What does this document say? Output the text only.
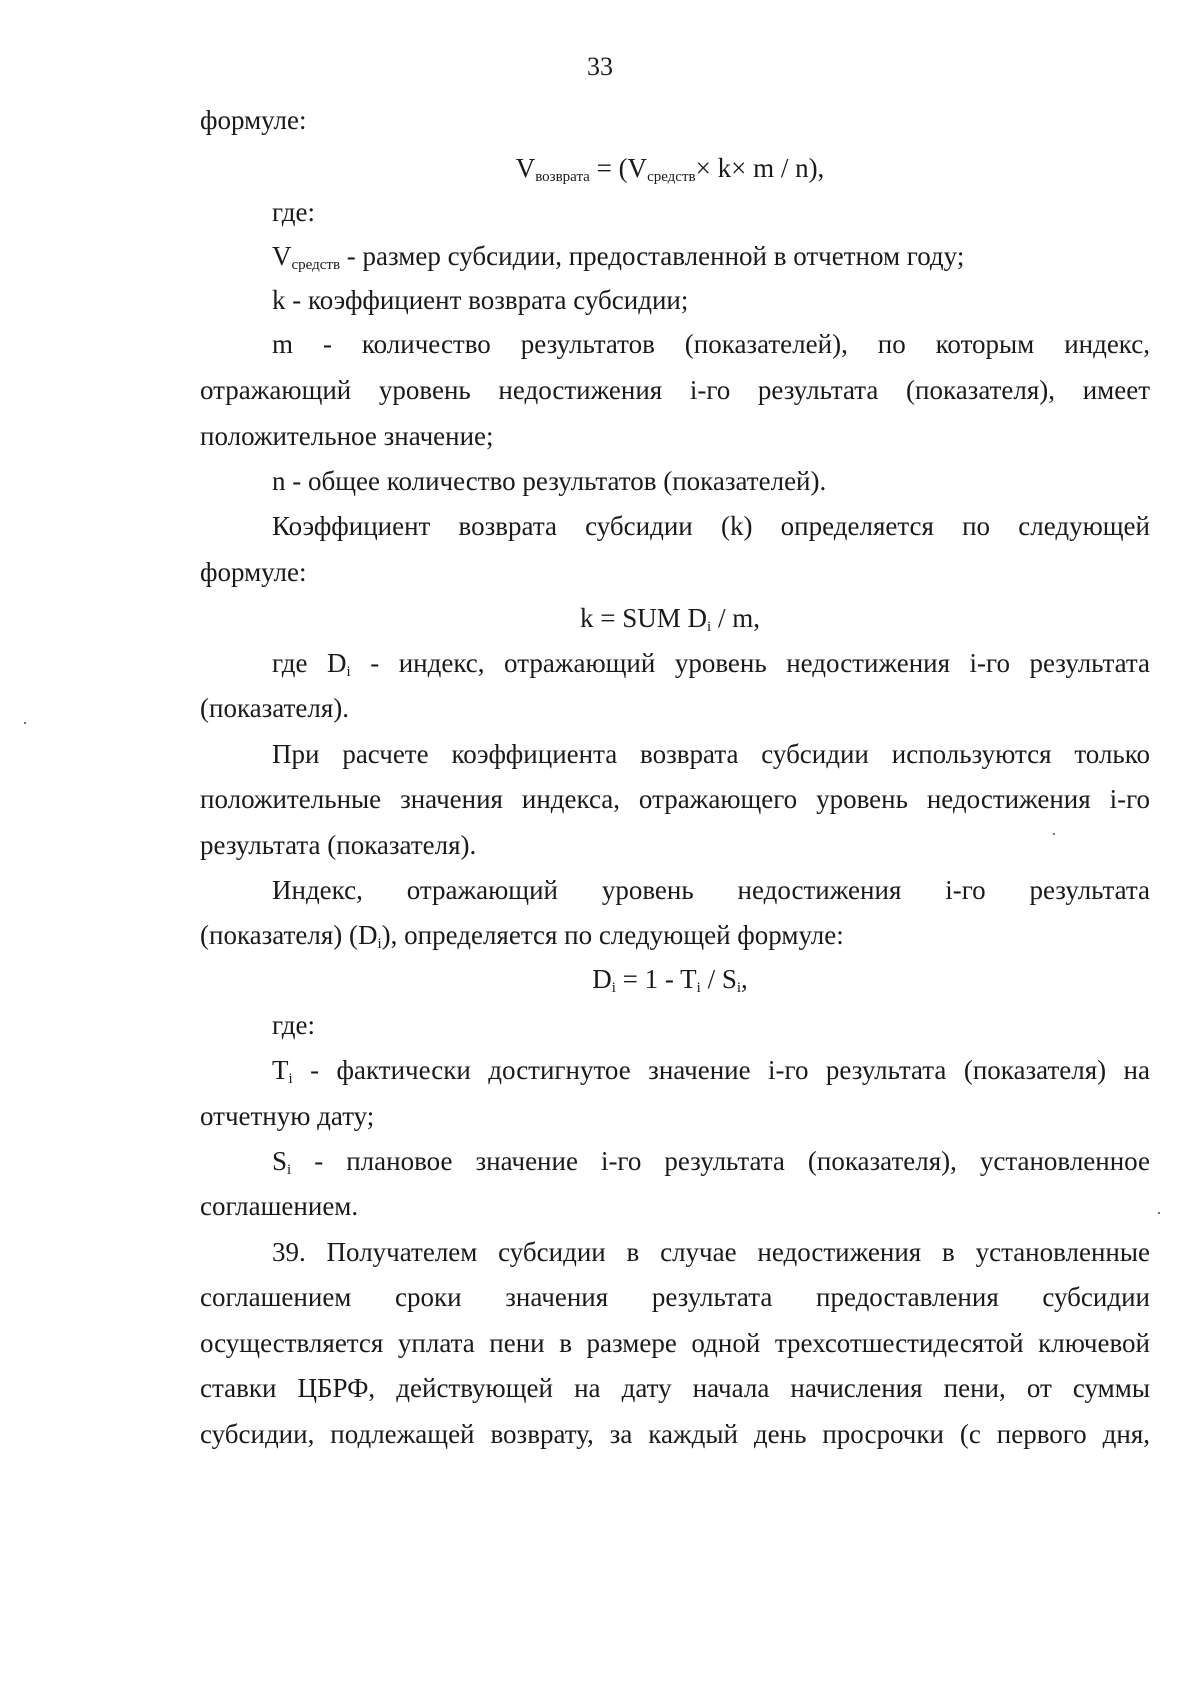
33
формуле:
$V_{возврата} = (V_{средств}\times k\times m / n)$,
где:
$V_{средств}$ - размер субсидии, предоставленной в отчетном году;
k - коэффициент возврата субсидии;
m - количество результатов (показателей), по которым индекс,
отражающий уровень недостижения i-го результата (показателя), имеет
положительное значение;
n - общее количество результатов (показателей).
Коэффициент возврата субсидии (k) определяется по следующей
формуле:
k = SUM $D_i$ / m,
где $D_i$ - индекс, отражающий уровень недостижения i-го результата
(показателя).
При расчете коэффициента возврата субсидии используются только
положительные значения индекса, отражающего уровень недостижения i-го
результата (показателя).
Индекс, отражающий уровень недостижения i-го результата
(показателя) $(D_i)$, определяется по следующей формуле:
$D_i = 1 - T_i / S_i$,
где:
$T_i$ - фактически достигнутое значение i-го результата (показателя) на
отчетную дату;
$S_i$ - плановое значение i-го результата (показателя), установленное
соглашением.
39. Получателем субсидии в случае недостижения в установленные
соглашением сроки значения результата предоставления субсидии
осуществляется уплата пени в размере одной трехсотшестидесятой ключевой
ставки ЦБРФ, действующей на дату начала начисления пени, от суммы
субсидии, подлежащей возврату, за каждый день просрочки (с первого дня,
